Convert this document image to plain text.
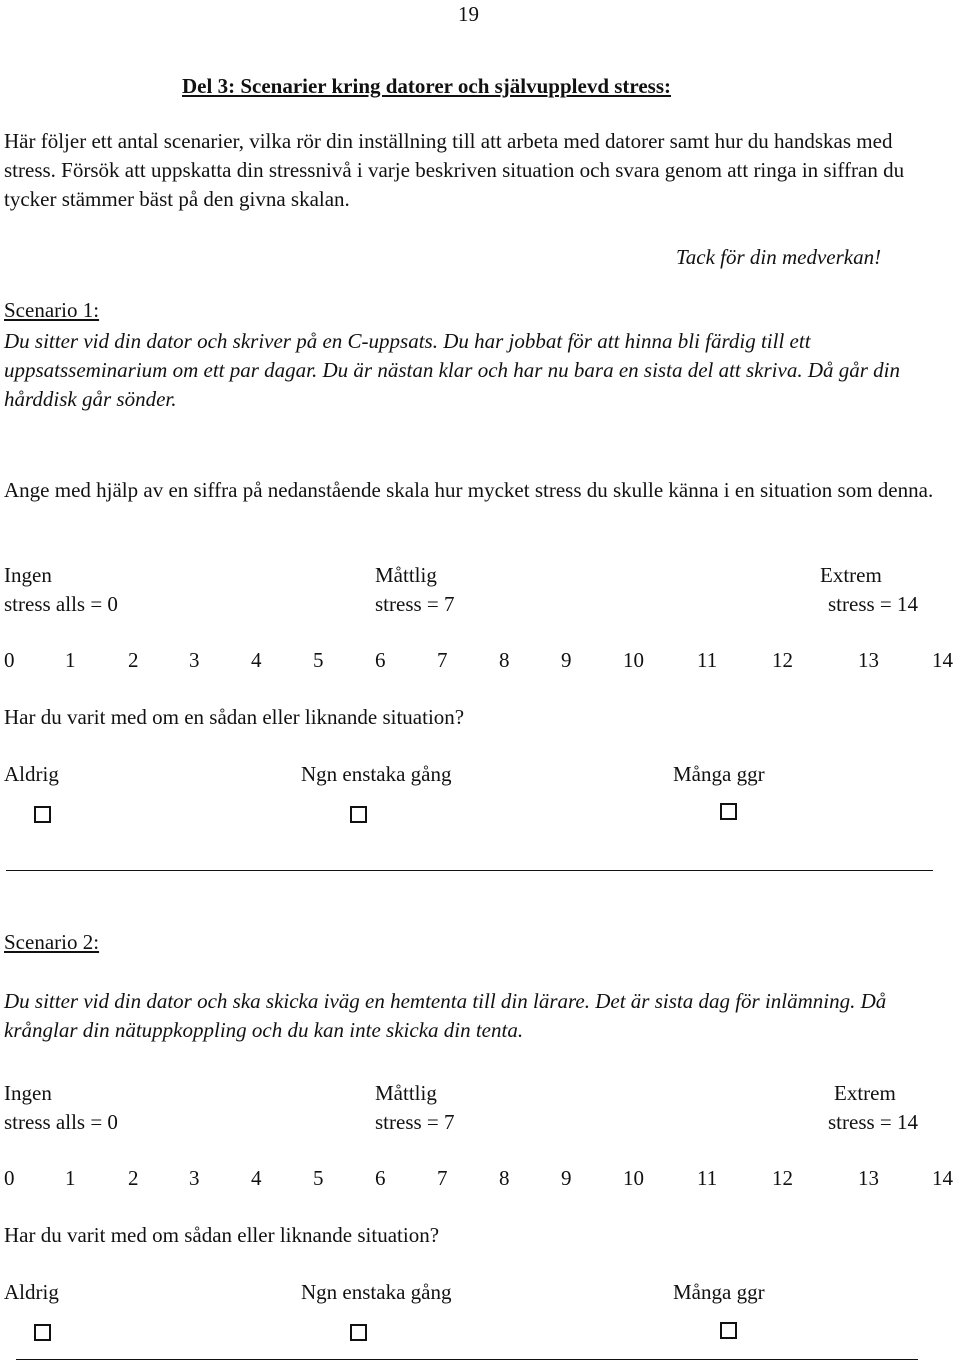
19
Del 3: Scenarier kring datorer och självupplevd stress:
Här följer ett antal scenarier, vilka rör din inställning till att arbeta med datorer samt hur du handskas med stress. Försök att uppskatta din stressnivå i varje beskriven situation och svara genom att ringa in siffran du tycker stämmer bäst på den givna skalan.
Tack för din medverkan!
Scenario 1:
Du sitter vid din dator och skriver på en C-uppsats. Du har jobbat för att hinna bli färdig till ett uppsatsseminarium om ett par dagar. Du är nästan klar och har nu bara en sista del att skriva. Då går din hårddisk går sönder.
Ange med hjälp av en siffra på nedanstående skala hur mycket stress du skulle känna i en situation som denna.
Ingen
stress alls = 0
Måttlig
stress = 7
Extrem
stress = 14
0 1	2 3 4 5 6 7 8 9 10	11	12	13	14
Har du varit med om en sådan eller liknande situation?
Aldrig	Ngn enstaka gång	Många ggr
Scenario 2:
Du sitter vid din dator och ska skicka iväg en hemtenta till din lärare. Det är sista dag för inlämning. Då krånglar din nätuppkoppling och du kan inte skicka din tenta.
Ingen
stress alls = 0
Måttlig
stress = 7
Extrem
stress = 14
0 1	2 3 4 5 6 7 8 9 10	11	12	13	14
Har du varit med om sådan eller liknande situation?
Aldrig	Ngn enstaka gång	Många ggr
